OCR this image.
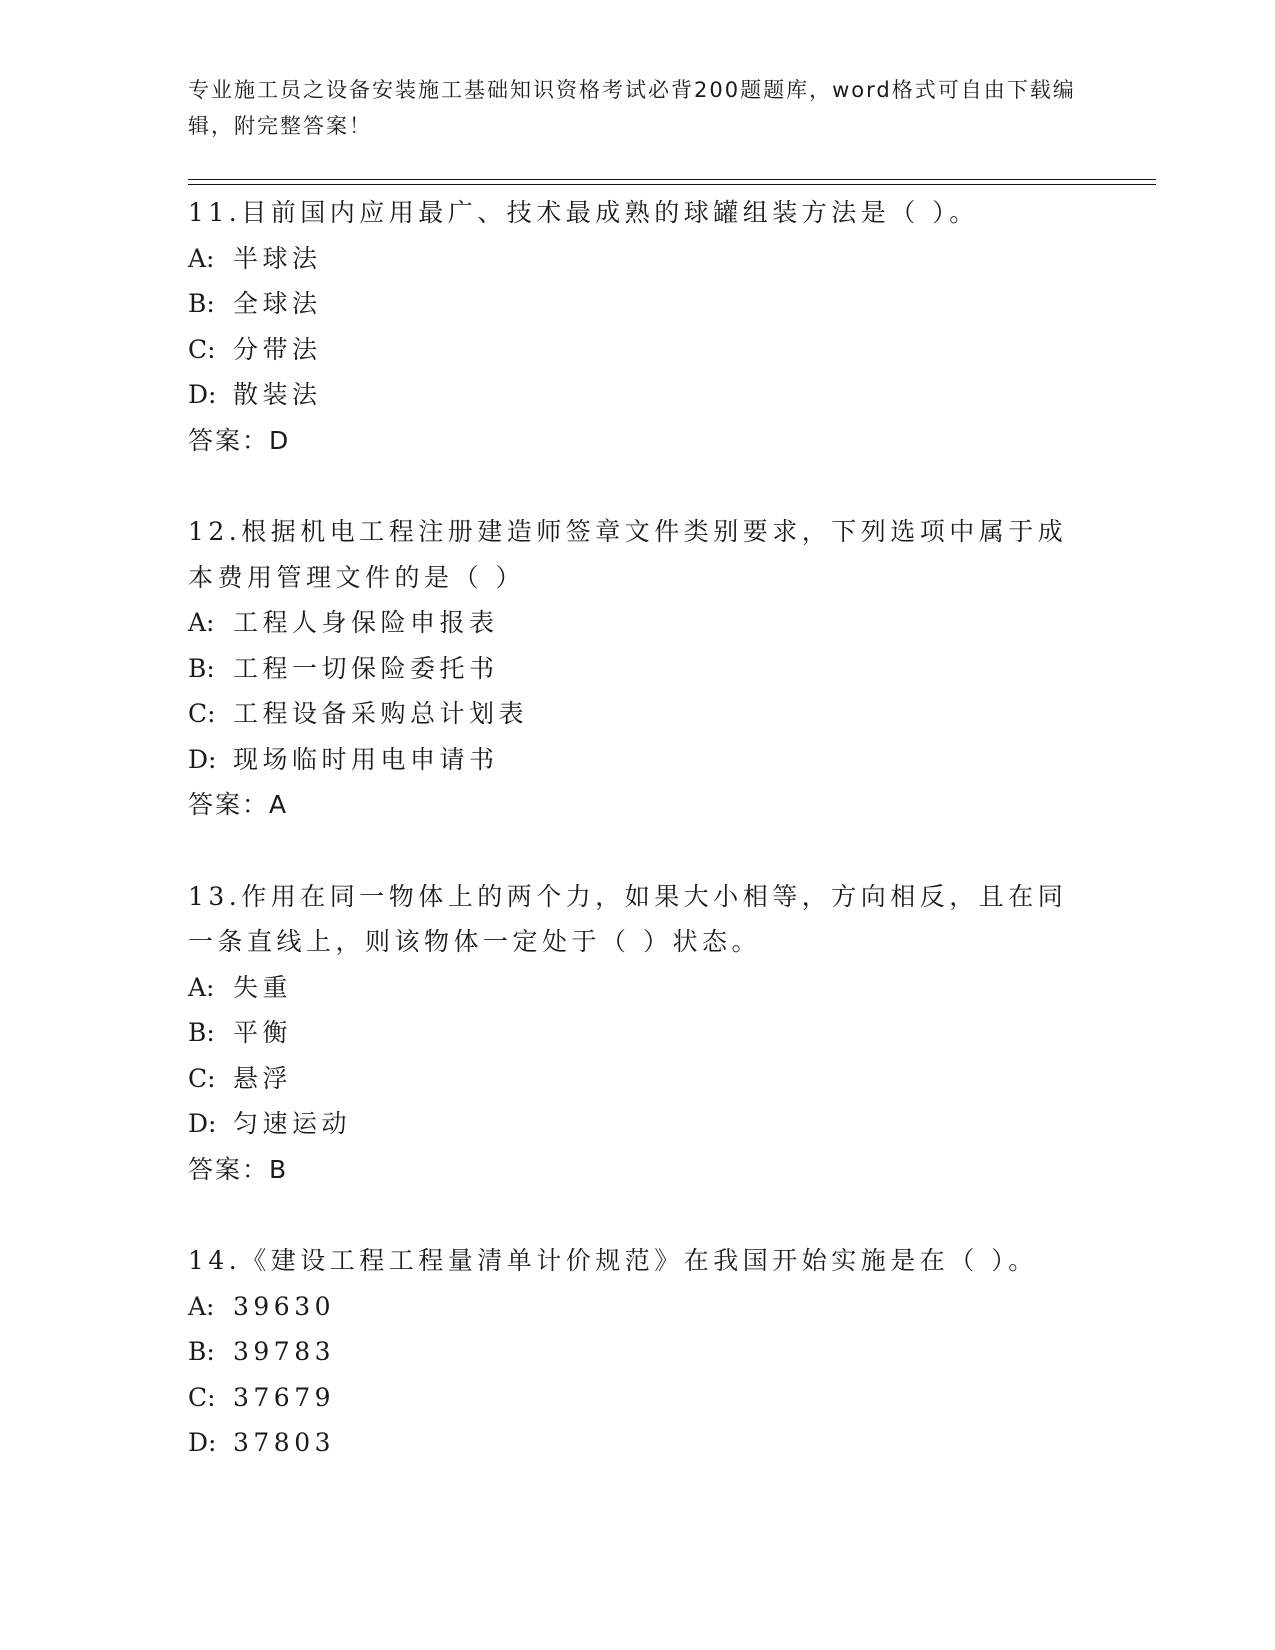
专业施工员之设备安装施工基础知识资格考试必背200题题库，word格式可自由下载编辑，附完整答案！

11.目前国内应用最广、技术最成熟的球罐组装方法是（ ）。

A: 半球法

B: 全球法

C: 分带法

D: 散装法

答案：D

12.根据机电工程注册建造师签章文件类别要求，下列选项中属于成本费用管理文件的是（ ）

A: 工程人身保险申报表

B: 工程一切保险委托书

C: 工程设备采购总计划表

D: 现场临时用电申请书

答案：A

13.作用在同一物体上的两个力，如果大小相等，方向相反，且在同一条直线上，则该物体一定处于（ ）状态。

A: 失重

B: 平衡

C: 悬浮

D: 匀速运动

答案：B

14.《建设工程工程量清单计价规范》在我国开始实施是在（ ）。

A: 39630

B: 39783

C: 37679

D: 37803
